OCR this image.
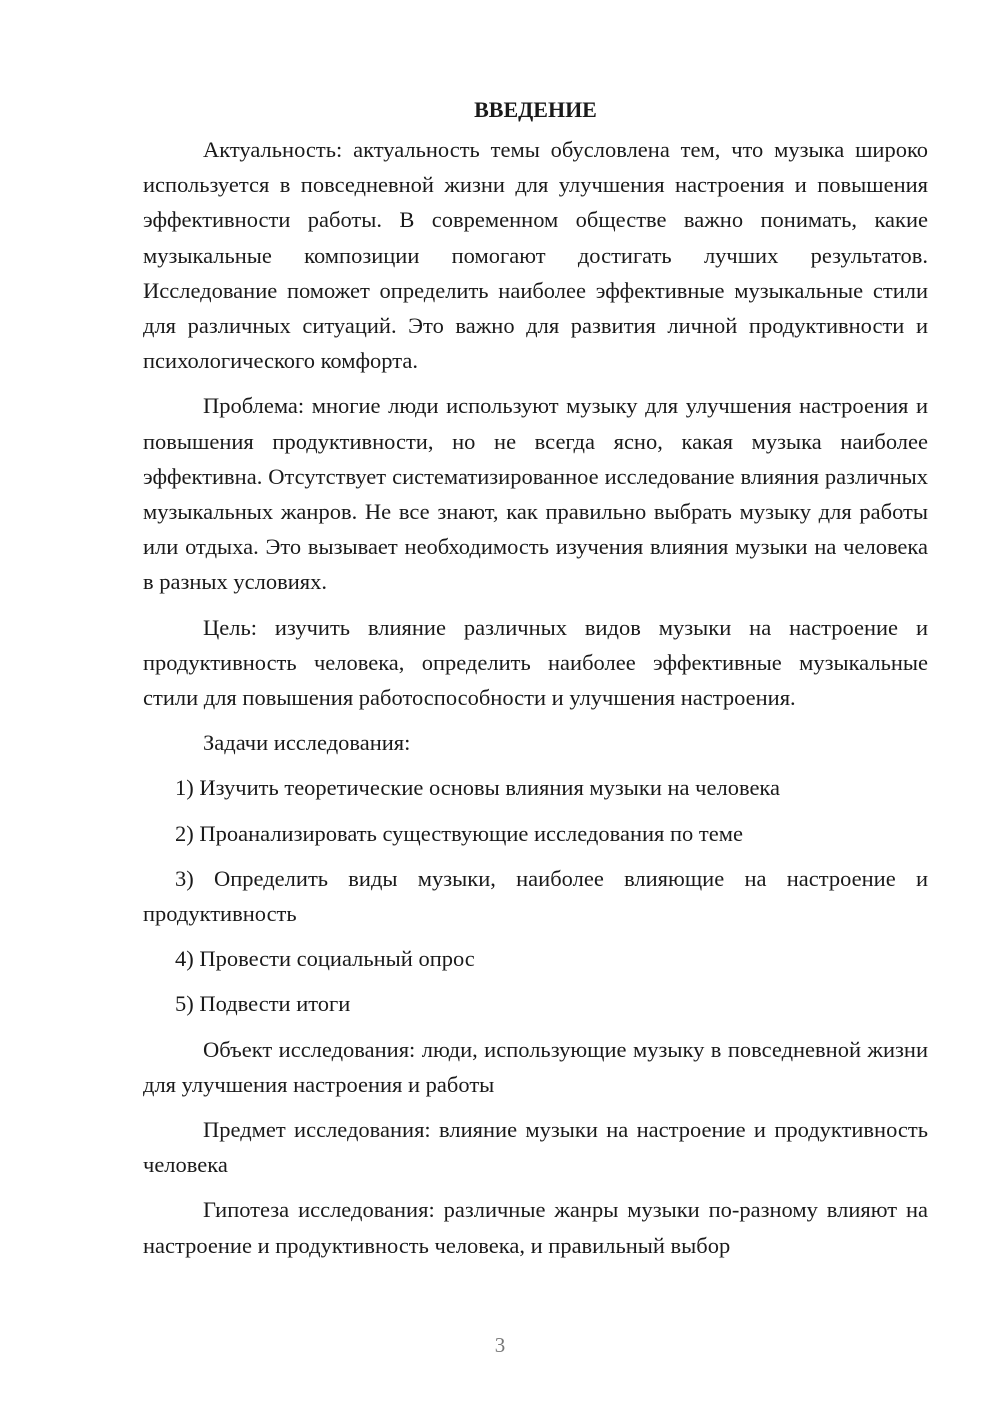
ВВЕДЕНИЕ

Актуальность: актуальность темы обусловлена тем, что музыка широко используется в повседневной жизни для улучшения настроения и повышения эффективности работы. В современном обществе важно понимать, какие музыкальные композиции помогают достигать лучших результатов. Исследование поможет определить наиболее эффективные музыкальные стили для различных ситуаций. Это важно для развития личной продуктивности и психологического комфорта.

Проблема: многие люди используют музыку для улучшения настроения и повышения продуктивности, но не всегда ясно, какая музыка наиболее эффективна. Отсутствует систематизированное исследование влияния различных музыкальных жанров. Не все знают, как правильно выбрать музыку для работы или отдыха. Это вызывает необходимость изучения влияния музыки на человека в разных условиях.

Цель: изучить влияние различных видов музыки на настроение и продуктивность человека, определить наиболее эффективные музыкальные стили для повышения работоспособности и улучшения настроения.

Задачи исследования:

1) Изучить теоретические основы влияния музыки на человека

2) Проанализировать существующие исследования по теме

3) Определить виды музыки, наиболее влияющие на настроение и продуктивность

4) Провести социальный опрос

5) Подвести итоги

Объект исследования: люди, использующие музыку в повседневной жизни для улучшения настроения и работы

Предмет исследования: влияние музыки на настроение и продуктивность человека

Гипотеза исследования: различные жанры музыки по-разному влияют на настроение и продуктивность человека, и правильный выбор

3
